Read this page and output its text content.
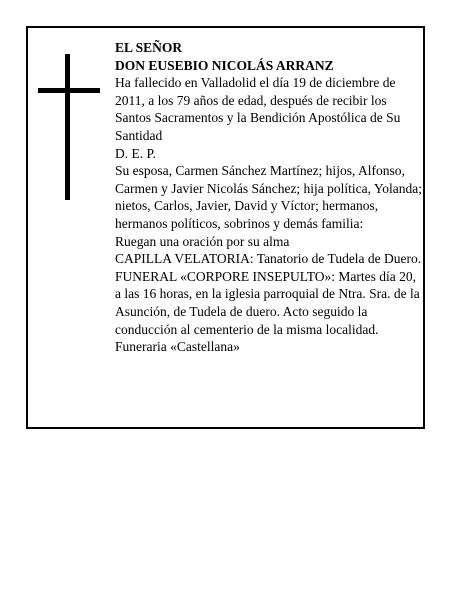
EL SEÑOR

DON EUSEBIO NICOLÁS ARRANZ

Ha fallecido en Valladolid el día 19 de diciembre de 2011, a los 79 años de edad, después de recibir los Santos Sacramentos y la Bendición Apostólica de Su Santidad

D. E. P.

Su esposa, Carmen Sánchez Martínez; hijos, Alfonso, Carmen y Javier Nicolás Sánchez; hija política, Yolanda; nietos, Carlos, Javier, David y Víctor; hermanos, hermanos políticos, sobrinos y demás familia:

Ruegan una oración por su alma

CAPILLA VELATORIA: Tanatorio de Tudela de Duero.

FUNERAL «CORPORE INSEPULTO»: Martes día 20, a las 16 horas, en la iglesia parroquial de Ntra. Sra. de la Asunción, de Tudela de duero. Acto seguido la conducción al cementerio de la misma localidad.

Funeraria «Castellana»
